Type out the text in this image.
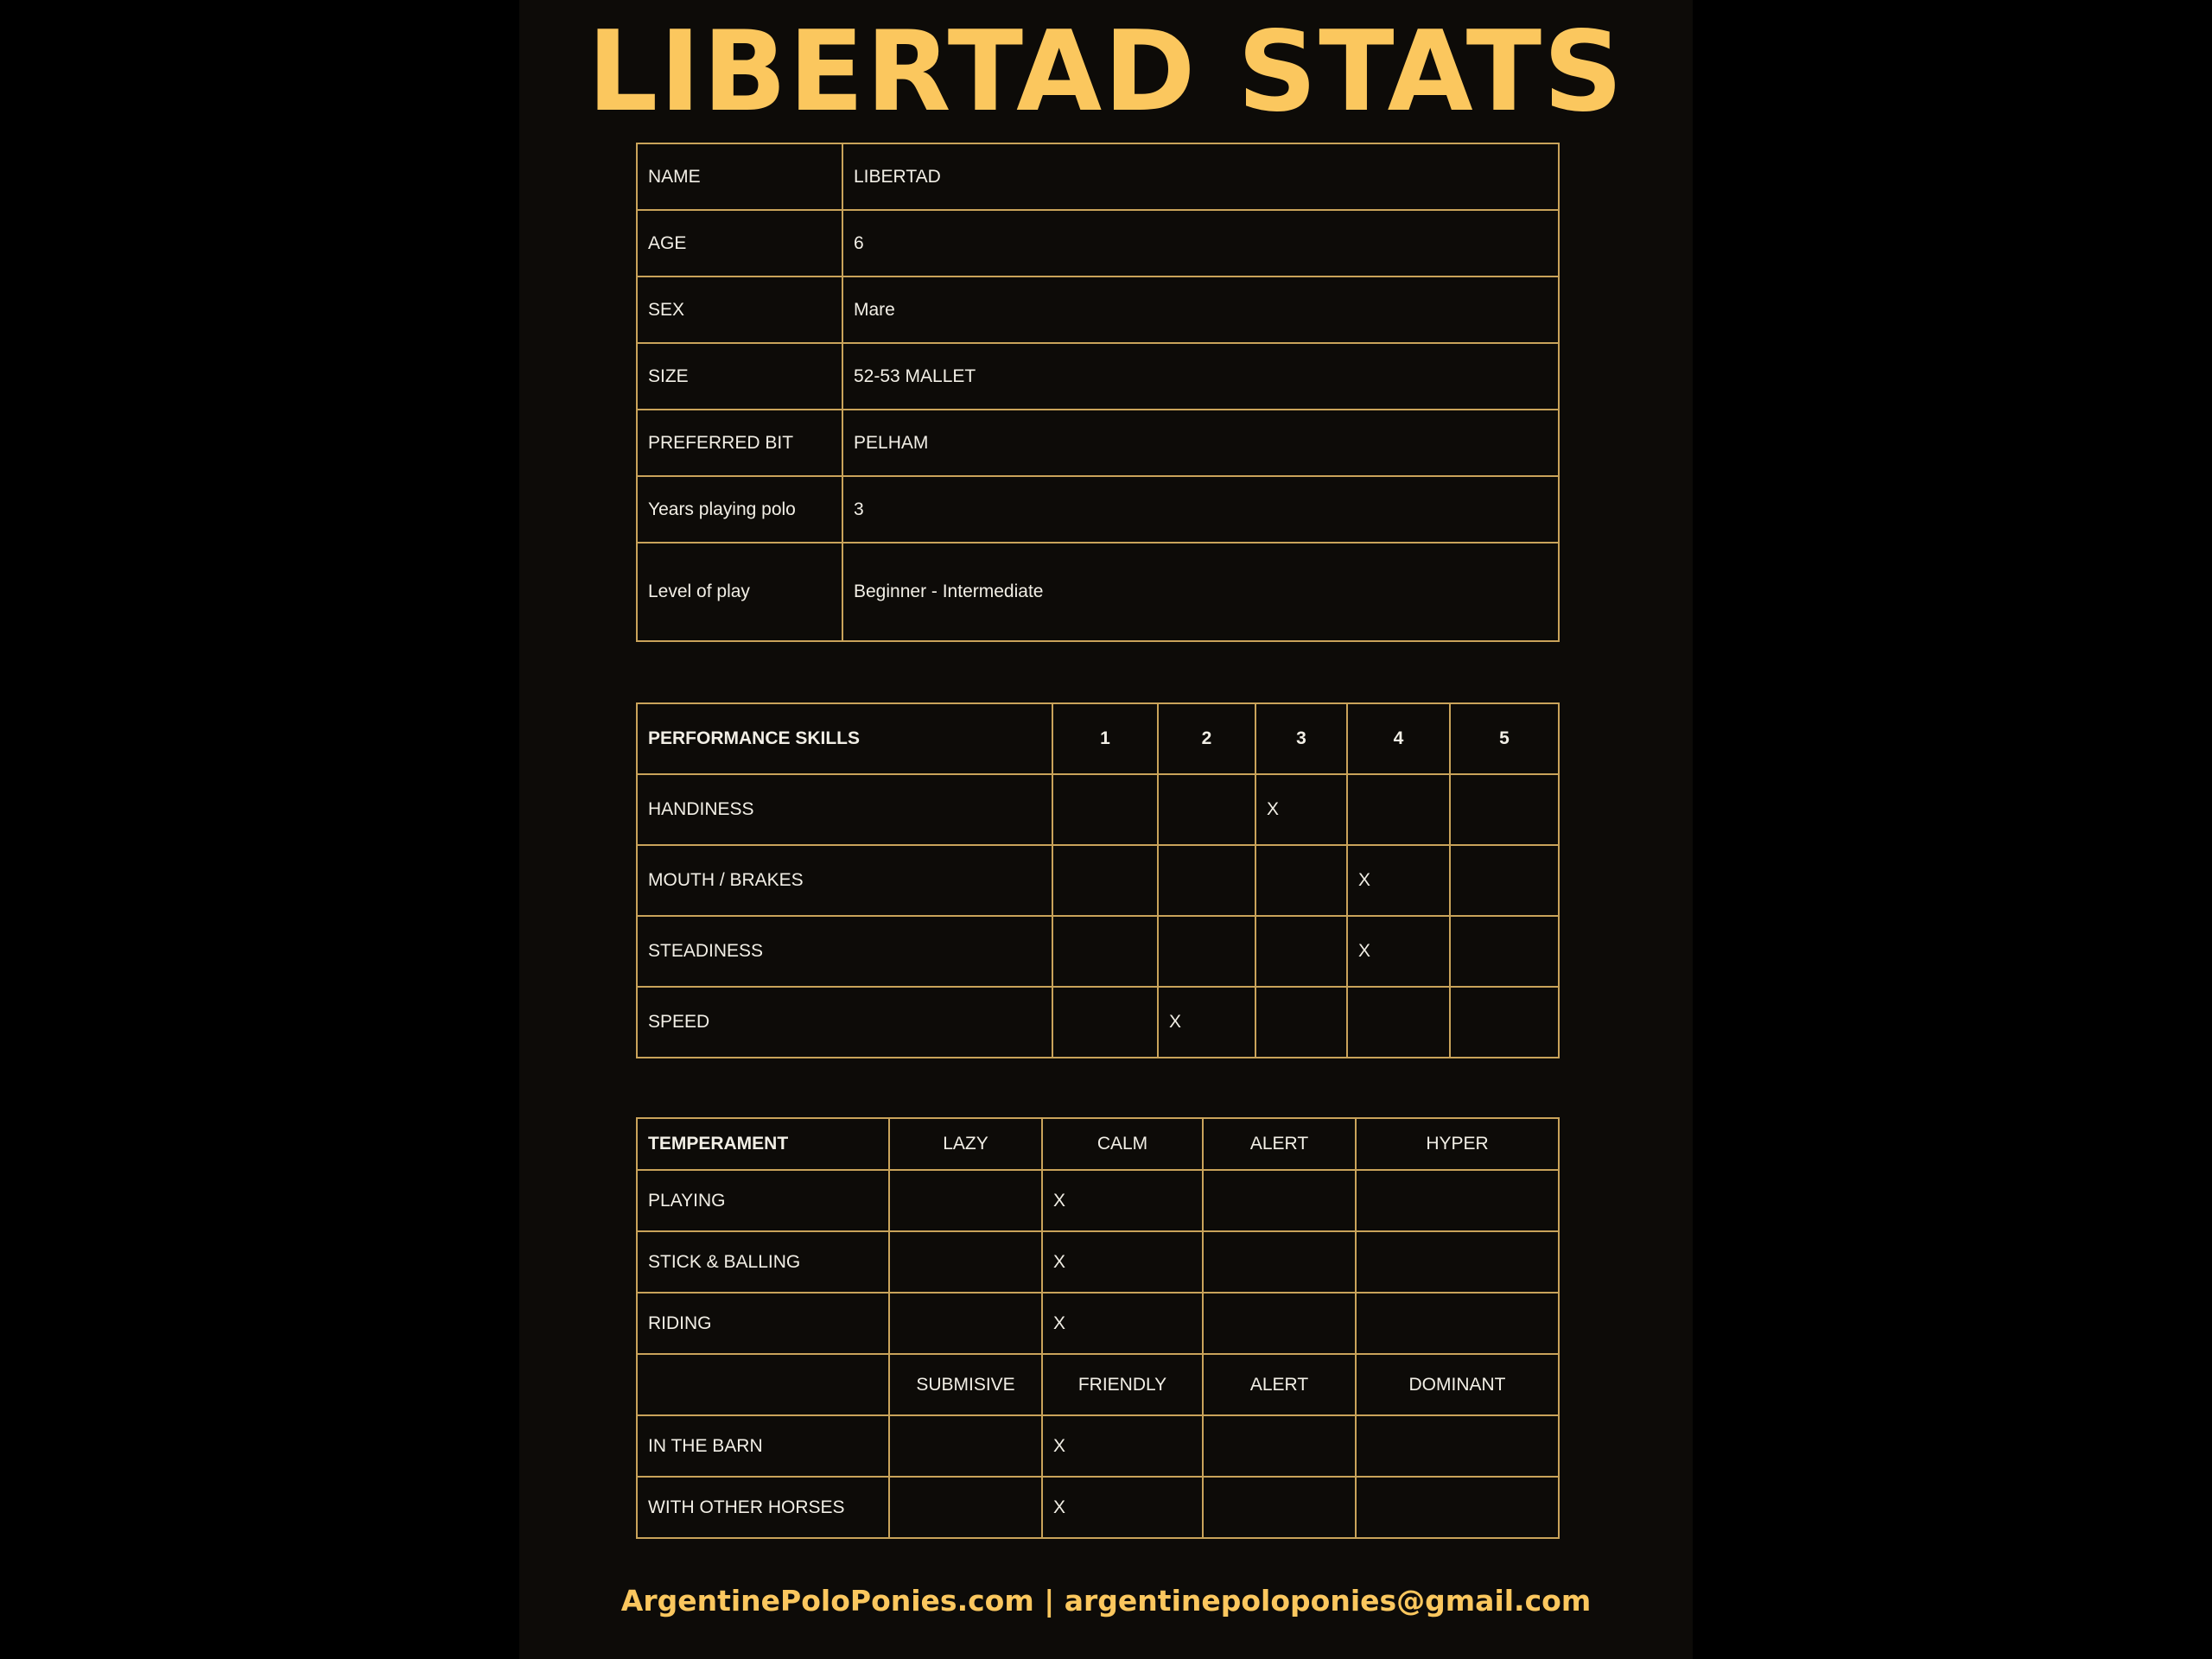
LIBERTAD STATS
NAME	LIBERTAD
AGE	6
SEX	Mare
SIZE	52-53 MALLET
PREFERRED BIT	PELHAM
Years playing polo	3
Level of play	Beginner - Intermediate
PERFORMANCE SKILLS	1	2	3	4	5
HANDINESS			X		
MOUTH / BRAKES				X	
STEADINESS				X	
SPEED		X			
TEMPERAMENT	LAZY	CALM	ALERT	HYPER
PLAYING		X		
STICK & BALLING		X		
RIDING		X		
	SUBMISIVE	FRIENDLY	ALERT	DOMINANT
IN THE BARN		X		
WITH OTHER HORSES		X		
ArgentinePoloPonies.com | argentinepoloponies@gmail.com
